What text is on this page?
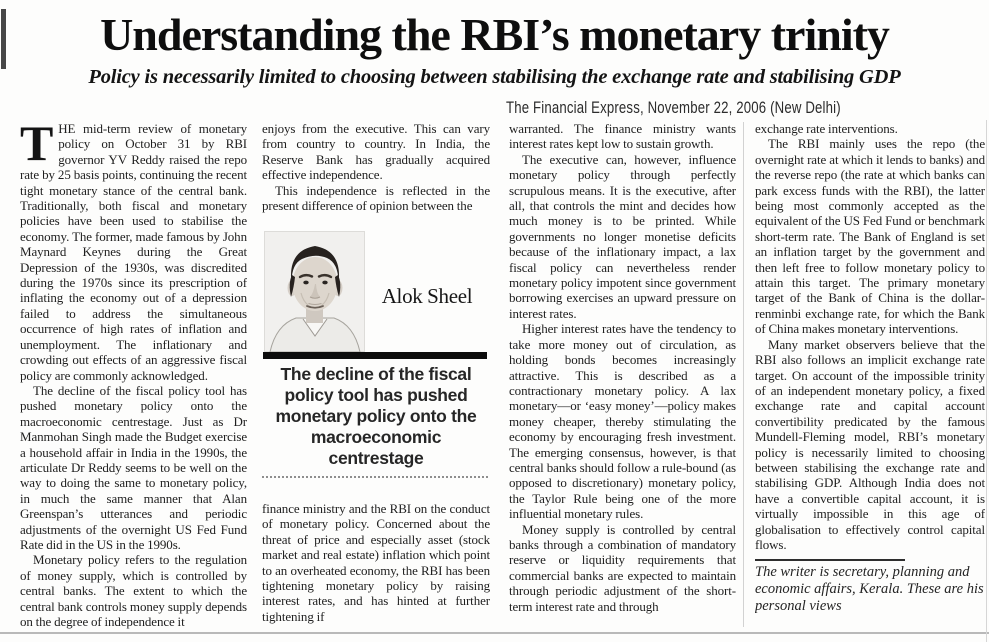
Understanding the RBI’s monetary trinity
Policy is necessarily limited to choosing between stabilising the exchange rate and stabilising GDP
The Financial Express, November 22, 2006 (New Delhi)

THE mid-term review of monetary policy on October 31 by RBI governor YV Reddy raised the repo rate by 25 basis points, continuing the recent tight monetary stance of the central bank. Traditionally, both fiscal and monetary policies have been used to stabilise the economy. The former, made famous by John Maynard Keynes during the Great Depression of the 1930s, was discredited during the 1970s since its prescription of inflating the economy out of a depression failed to address the simultaneous occurrence of high rates of inflation and unemployment. The inflationary and crowding out effects of an aggressive fiscal policy are commonly acknowledged.

The decline of the fiscal policy tool has pushed monetary policy onto the macroeconomic centrestage. Just as Dr Manmohan Singh made the Budget exercise a household affair in India in the 1990s, the articulate Dr Reddy seems to be well on the way to doing the same to monetary policy, in much the same manner that Alan Greenspan’s utterances and periodic adjustments of the overnight US Fed Fund Rate did in the US in the 1990s.

Monetary policy refers to the regulation of money supply, which is controlled by central banks. The extent to which the central bank controls money supply depends on the degree of independence it

enjoys from the executive. This can vary from country to country. In India, the Reserve Bank has gradually acquired effective independence.

This independence is reflected in the present difference of opinion between the

Alok Sheel
The decline of the fiscal policy tool has pushed monetary policy onto the macroeconomic centrestage

finance ministry and the RBI on the conduct of monetary policy. Concerned about the threat of price and especially asset (stock market and real estate) inflation which point to an overheated economy, the RBI has been tightening monetary policy by raising interest rates, and has hinted at further tightening if

warranted. The finance ministry wants interest rates kept low to sustain growth.

The executive can, however, influence monetary policy through perfectly scrupulous means. It is the executive, after all, that controls the mint and decides how much money is to be printed. While governments no longer monetise deficits because of the inflationary impact, a lax fiscal policy can nevertheless render monetary policy impotent since government borrowing exercises an upward pressure on interest rates.

Higher interest rates have the tendency to take more money out of circulation, as holding bonds becomes increasingly attractive. This is described as a contractionary monetary policy. A lax monetary—or ‘easy money’—policy makes money cheaper, thereby stimulating the economy by encouraging fresh investment. The emerging consensus, however, is that central banks should follow a rule-bound (as opposed to discretionary) monetary policy, the Taylor Rule being one of the more influential monetary rules.

Money supply is controlled by central banks through a combination of mandatory reserve or liquidity requirements that commercial banks are expected to maintain through periodic adjustment of the short-term interest rate and through

exchange rate interventions.

The RBI mainly uses the repo (the overnight rate at which it lends to banks) and the reverse repo (the rate at which banks can park excess funds with the RBI), the latter being most commonly accepted as the equivalent of the US Fed Fund or benchmark short-term rate. The Bank of England is set an inflation target by the government and then left free to follow monetary policy to attain this target. The primary monetary target of the Bank of China is the dollar-renminbi exchange rate, for which the Bank of China makes monetary interventions.

Many market observers believe that the RBI also follows an implicit exchange rate target. On account of the impossible trinity of an independent monetary policy, a fixed exchange rate and capital account convertibility predicated by the famous Mundell-Fleming model, RBI’s monetary policy is necessarily limited to choosing between stabilising the exchange rate and stabilising GDP. Although India does not have a convertible capital account, it is virtually impossible in this age of globalisation to effectively control capital flows.

The writer is secretary, planning and economic affairs, Kerala. These are his personal views
